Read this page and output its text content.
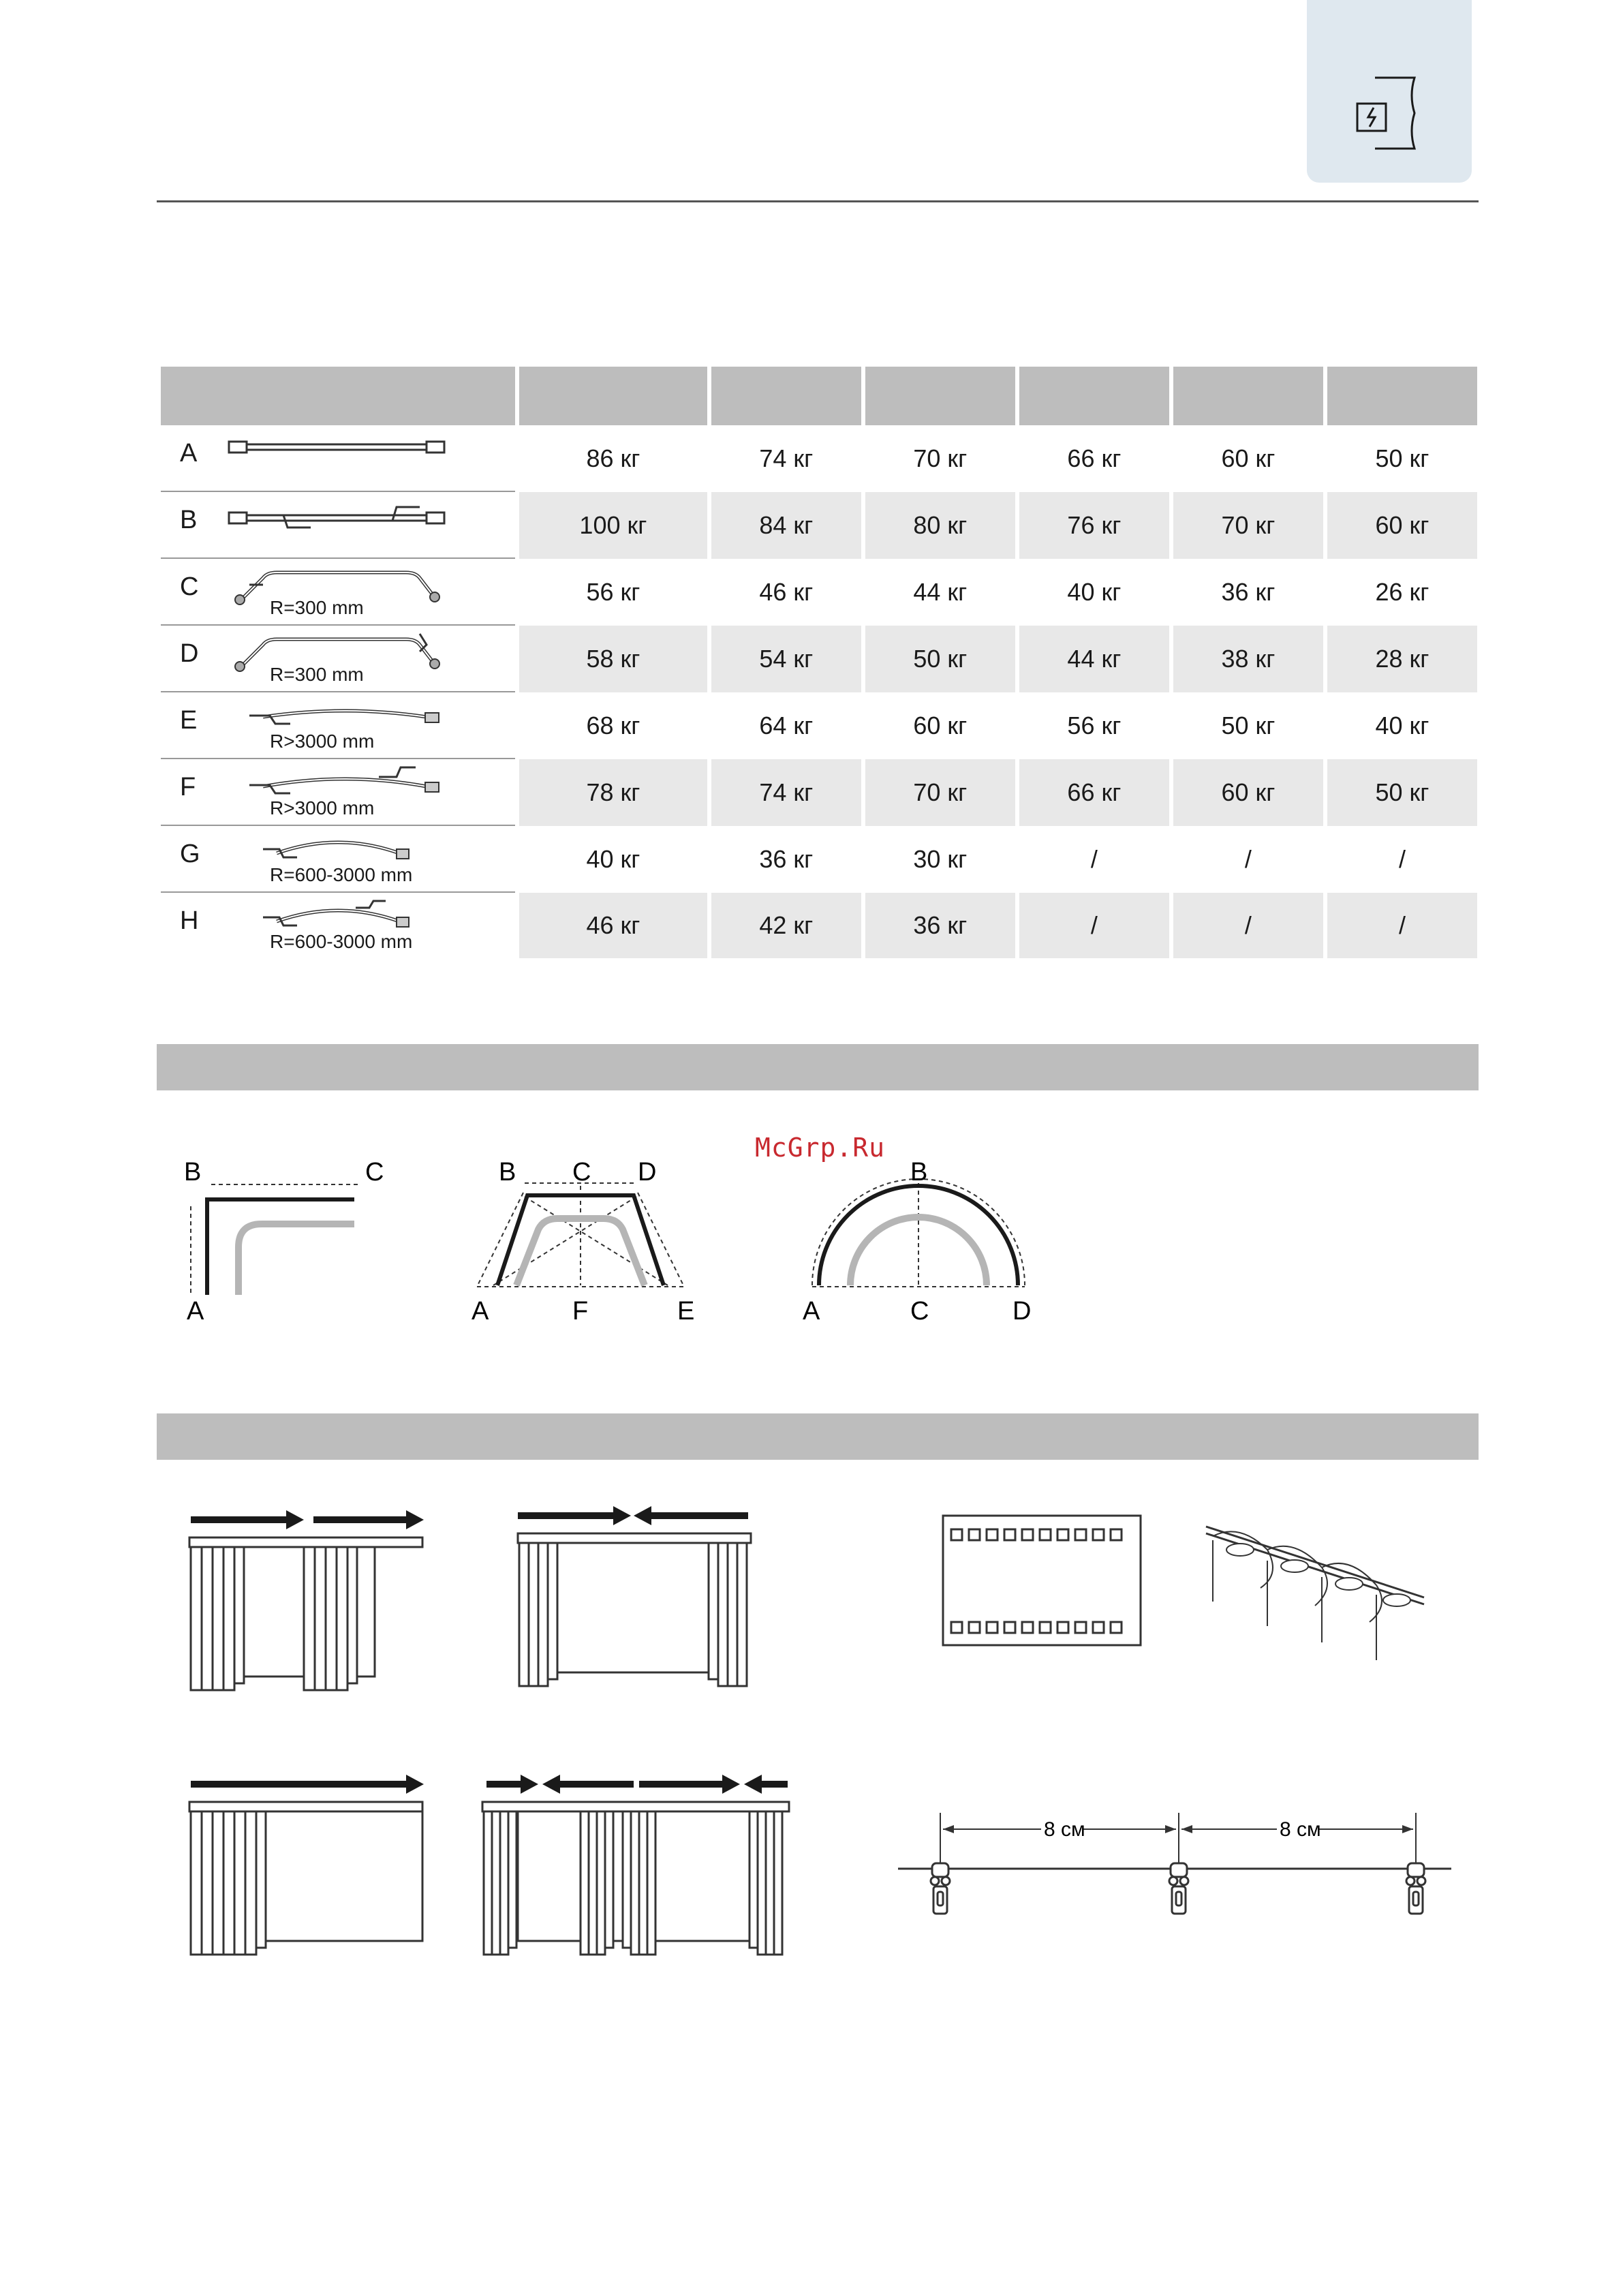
A	86 кг	74 кг	70 кг	66 кг	60 кг	50 кг

B	100 кг	84 кг	80 кг	76 кг	70 кг	60 кг

C
R=300 mm	56 кг	46 кг	44 кг	40 кг	36 кг	26 кг

D
R=300 mm	58 кг	54 кг	50 кг	44 кг	38 кг	28 кг

E
R>3000 mm	68 кг	64 кг	60 кг	56 кг	50 кг	40 кг

F
R>3000 mm	78 кг	74 кг	70 кг	66 кг	60 кг	50 кг

G
R=600-3000 mm	40 кг	36 кг	30 кг	/	/	/

H
R=600-3000 mm	46 кг	42 кг	36 кг	/	/	/
McGrp.Ru
B	C
A
B C D
A	F	E
B
A	C	D
8 см	8 см
